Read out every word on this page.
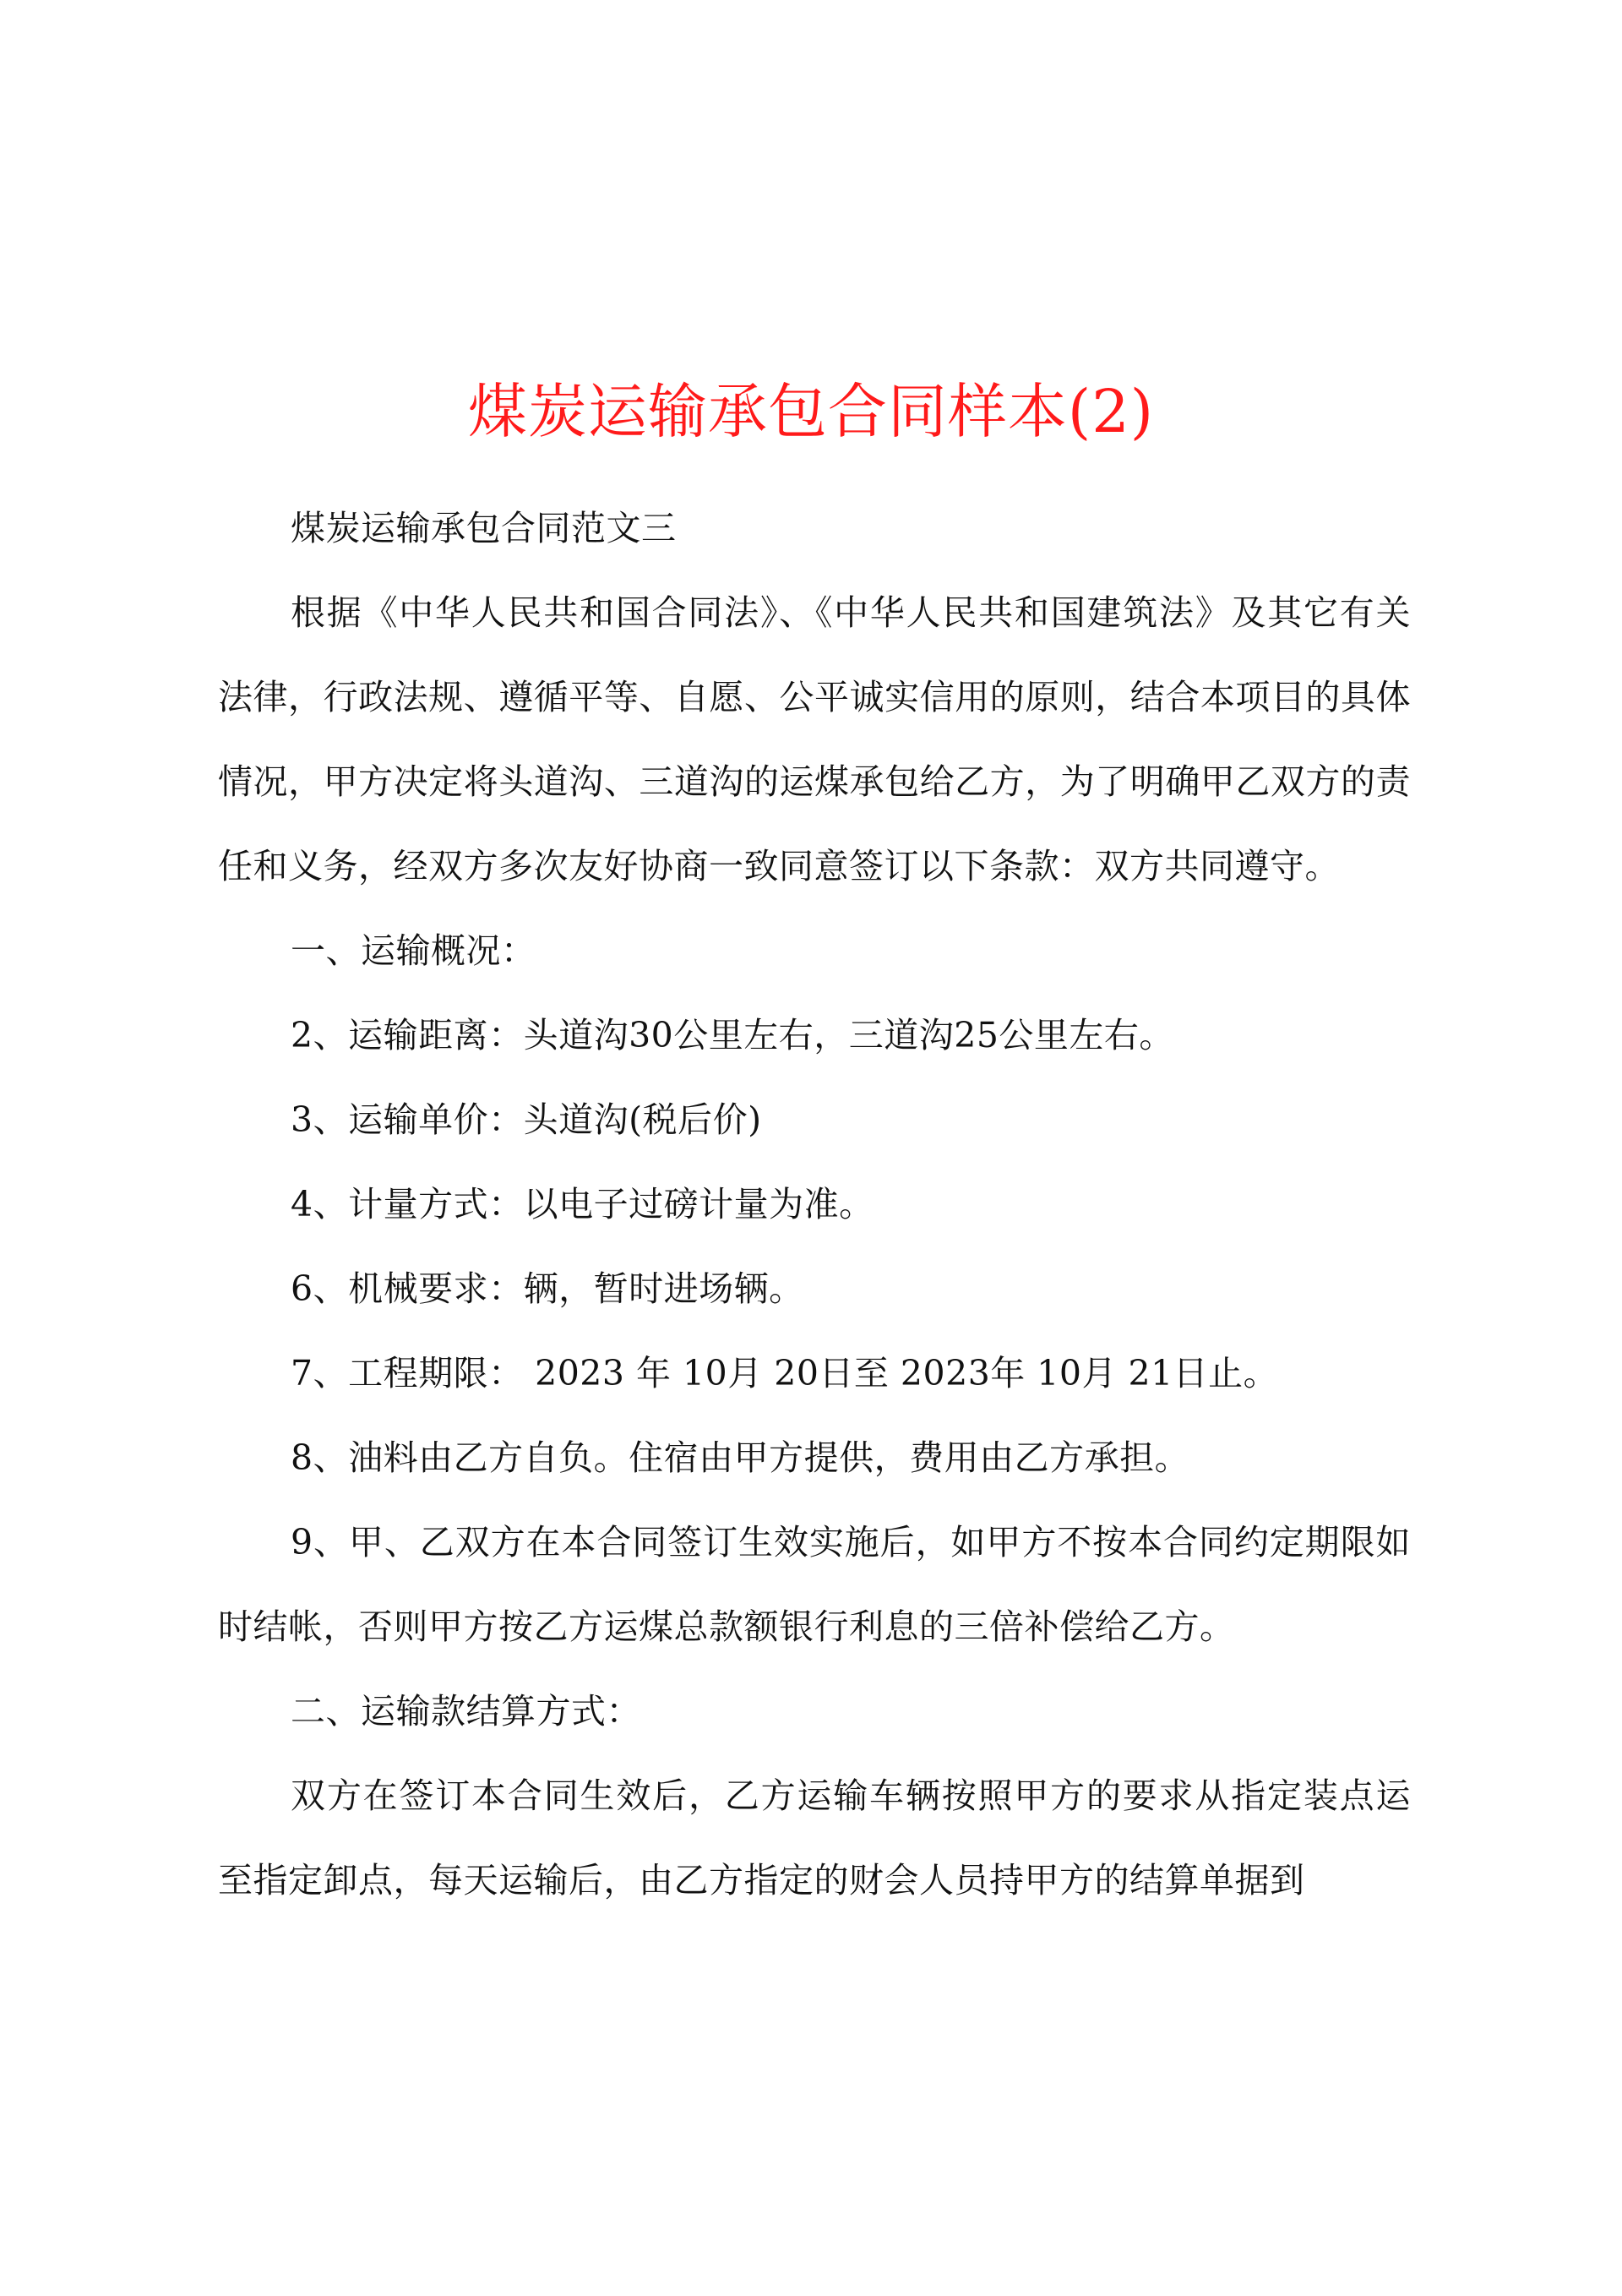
煤炭运输承包合同样本(2)

煤炭运输承包合同范文三

根据《中华人民共和国合同法》、《中华人民共和国建筑法》及其它有关法律，行政法规、遵循平等、自愿、公平诚实信用的原则，结合本项目的具体情况，甲方决定将头道沟、三道沟的运煤承包给乙方，为了明确甲乙双方的责任和义务，经双方多次友好协商一致同意签订以下条款：双方共同遵守。

一、运输概况：

2、运输距离：头道沟30公里左右，三道沟25公里左右。

3、运输单价：头道沟(税后价)

4、计量方式：以电子过磅计量为准。

6、机械要求：辆，暂时进场辆。

7、工程期限： 2023 年 10月 20日至 2023年 10月 21日止。

8、油料由乙方自负。住宿由甲方提供，费用由乙方承担。

9、甲、乙双方在本合同签订生效实施后，如甲方不按本合同约定期限如时结帐，否则甲方按乙方运煤总款额银行利息的三倍补偿给乙方。

二、运输款结算方式：

双方在签订本合同生效后，乙方运输车辆按照甲方的要求从指定装点运至指定卸点，每天运输后，由乙方指定的财会人员持甲方的结算单据到
